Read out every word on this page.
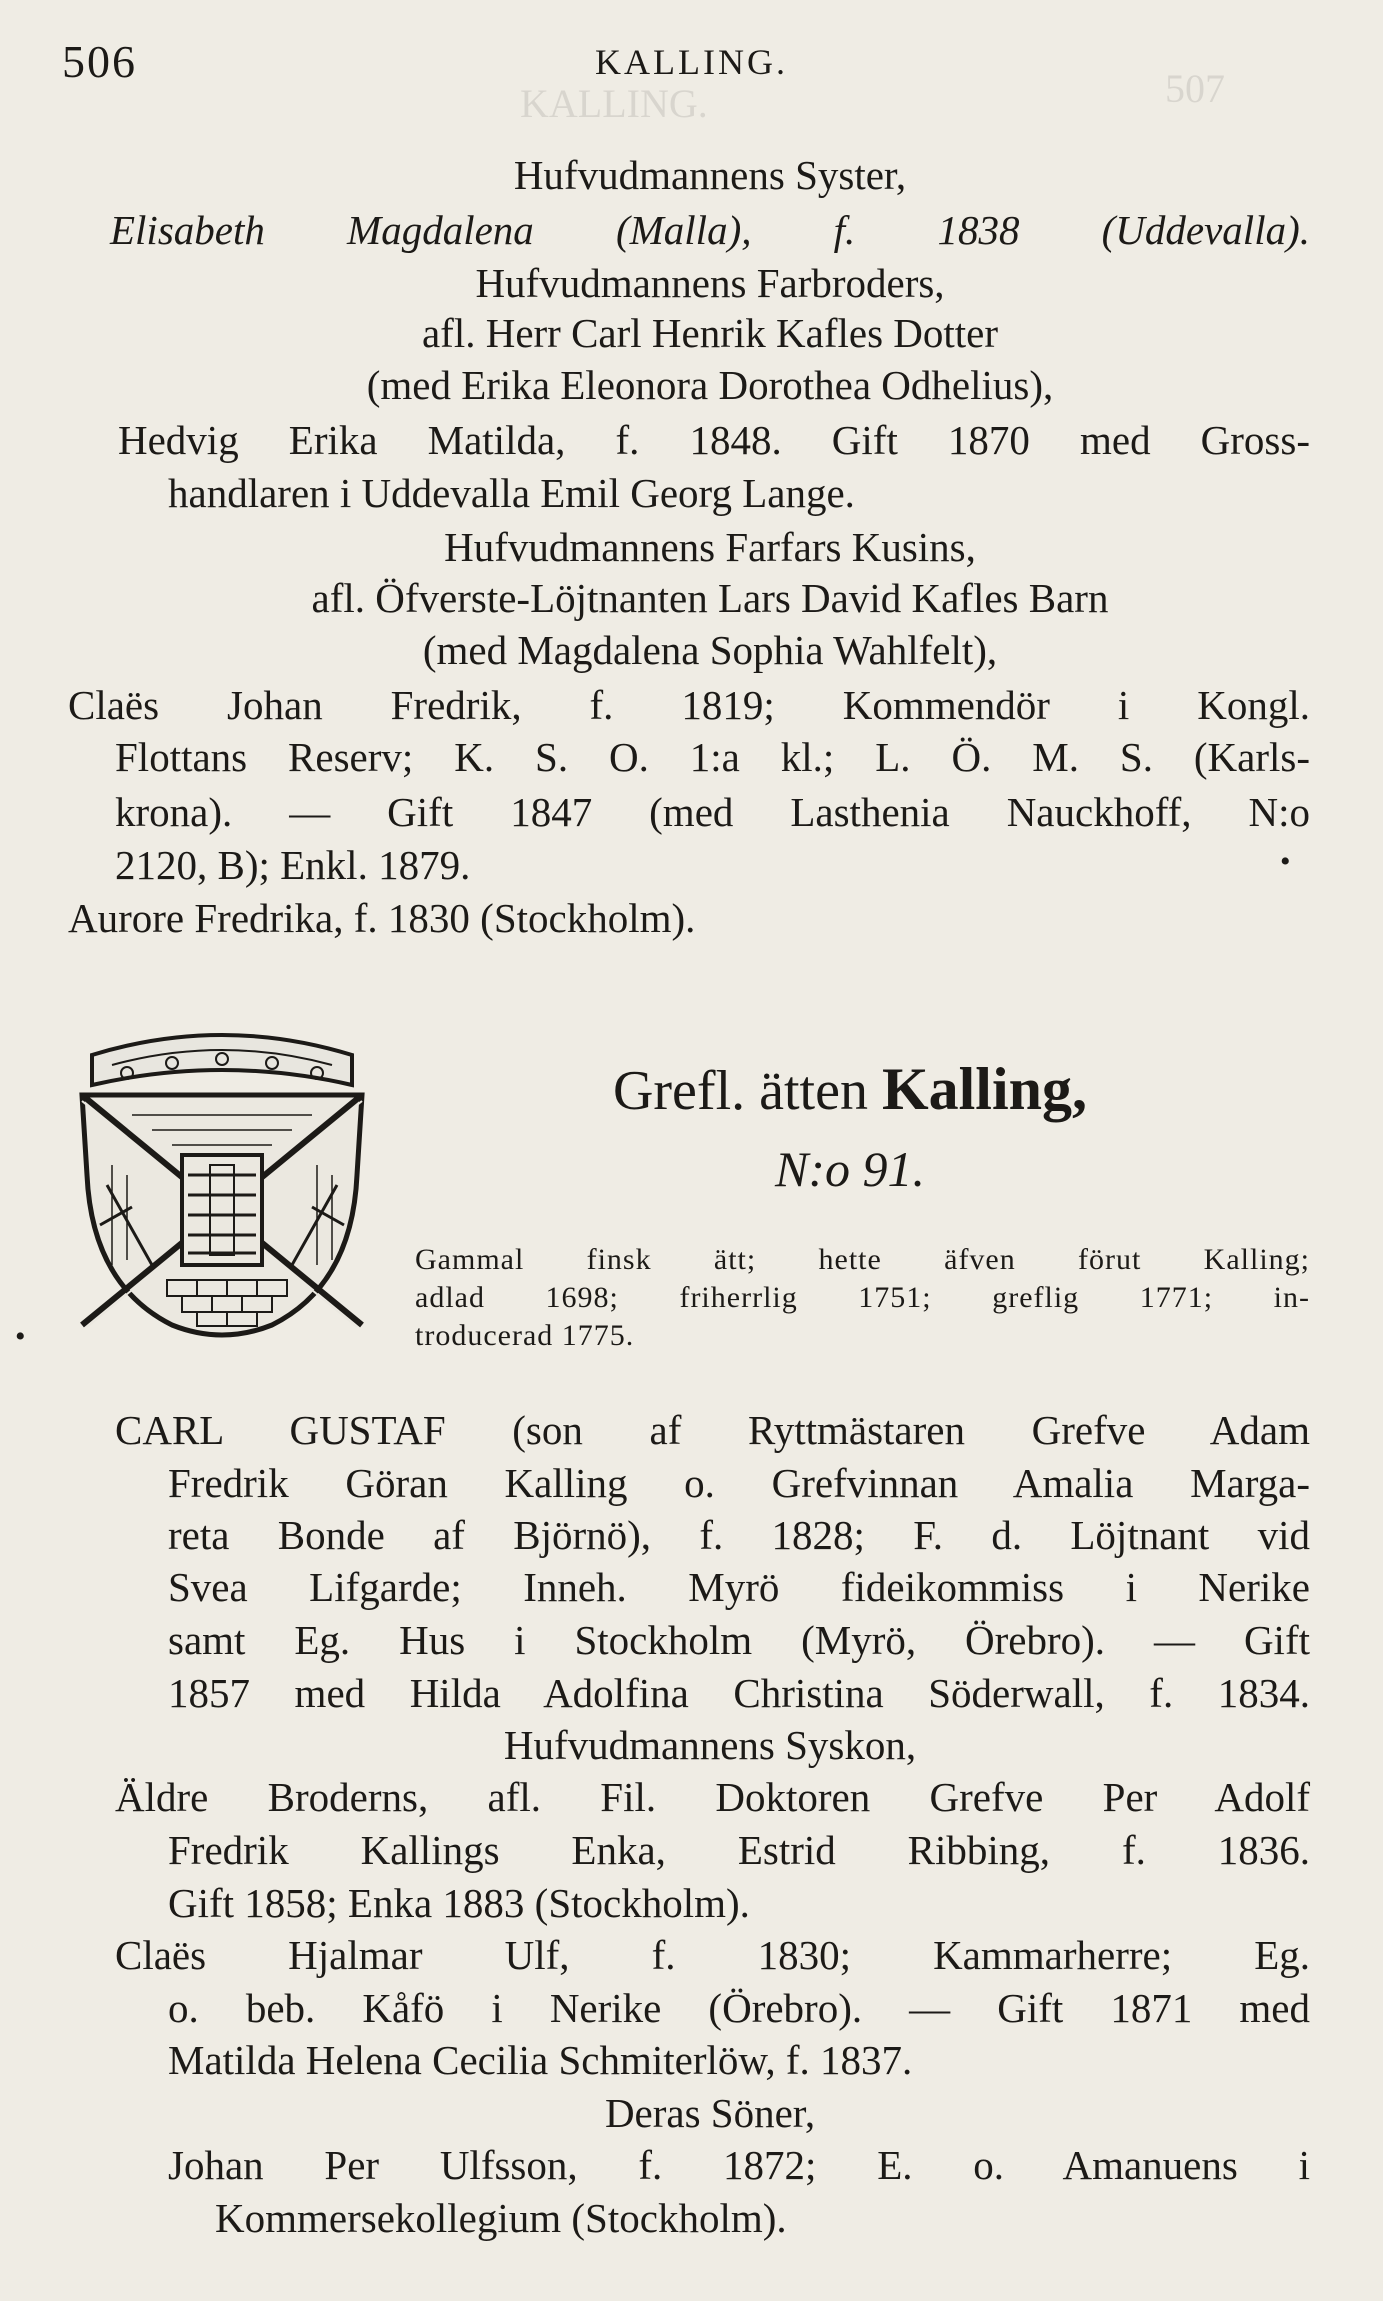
KALLING.	507
506	KALLING.
Hufvudmannens Syster,
Elisabeth Magdalena (Malla), f. 1838 (Uddevalla).
Hufvudmannens Farbroders,
afl. Herr Carl Henrik Kafles Dotter
(med Erika Eleonora Dorothea Odhelius),
Hedvig Erika Matilda, f. 1848. Gift 1870 med Gross-
handlaren i Uddevalla Emil Georg Lange.
Hufvudmannens Farfars Kusins,
afl. Öfverste-Löjtnanten Lars David Kafles Barn
(med Magdalena Sophia Wahlfelt),
Claës Johan Fredrik, f. 1819; Kommendör i Kongl.
Flottans Reserv; K. S. O. 1:a kl.; L. Ö. M. S. (Karls-
krona). — Gift 1847 (med Lasthenia Nauckhoff, N:o
2120, B); Enkl. 1879.	•
Aurore Fredrika, f. 1830 (Stockholm).
Grefl. ätten Kalling,
N:o 91.
Gammal finsk ätt; hette äfven förut Kalling;
adlad 1698; friherrlig 1751; greflig 1771; in-
troducerad 1775.
•
CARL GUSTAF (son af Ryttmästaren Grefve Adam
Fredrik Göran Kalling o. Grefvinnan Amalia Marga-
reta Bonde af Björnö), f. 1828; F. d. Löjtnant vid
Svea Lifgarde; Inneh. Myrö fideikommiss i Nerike
samt Eg. Hus i Stockholm (Myrö, Örebro). — Gift
1857 med Hilda Adolfina Christina Söderwall, f. 1834.
Hufvudmannens Syskon,
Äldre Broderns, afl. Fil. Doktoren Grefve Per Adolf
Fredrik Kallings Enka, Estrid Ribbing, f. 1836.
Gift 1858; Enka 1883 (Stockholm).
Claës Hjalmar Ulf, f. 1830; Kammarherre; Eg.
o. beb. Kåfö i Nerike (Örebro). — Gift 1871 med
Matilda Helena Cecilia Schmiterlöw, f. 1837.
Deras Söner,
Johan Per Ulfsson, f. 1872; E. o. Amanuens i
Kommersekollegium (Stockholm).
